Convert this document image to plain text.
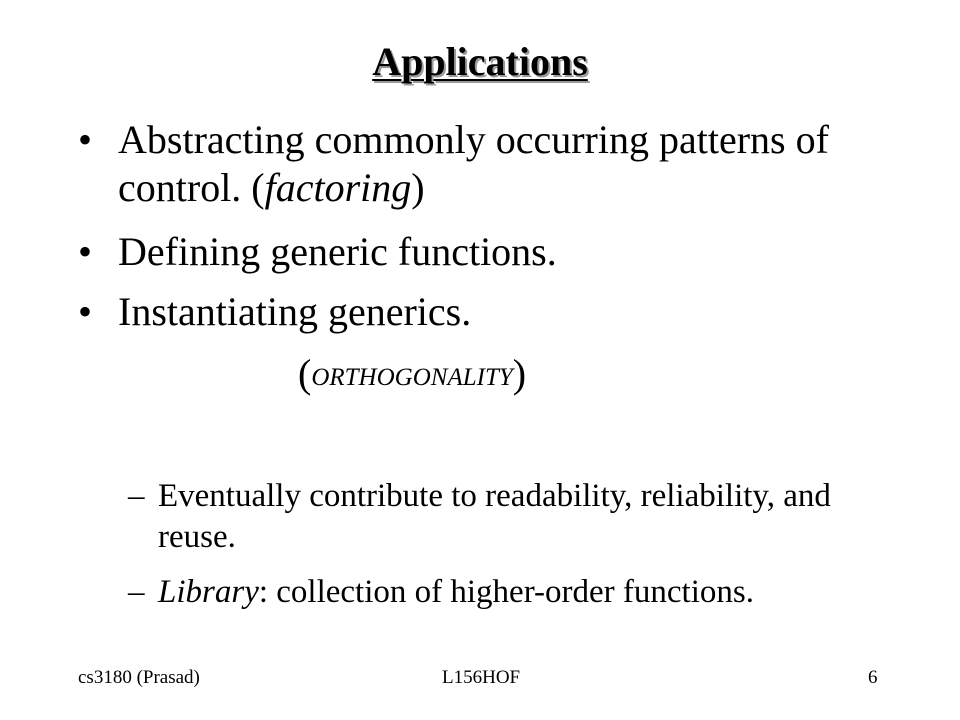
Applications
• Abstracting commonly occurring patterns of control. (factoring)
• Defining generic functions.
• Instantiating generics.
(ORTHOGONALITY)
– Eventually contribute to readability, reliability, and reuse.
– Library: collection of higher-order functions.
cs3180 (Prasad)	L156HOF	6
